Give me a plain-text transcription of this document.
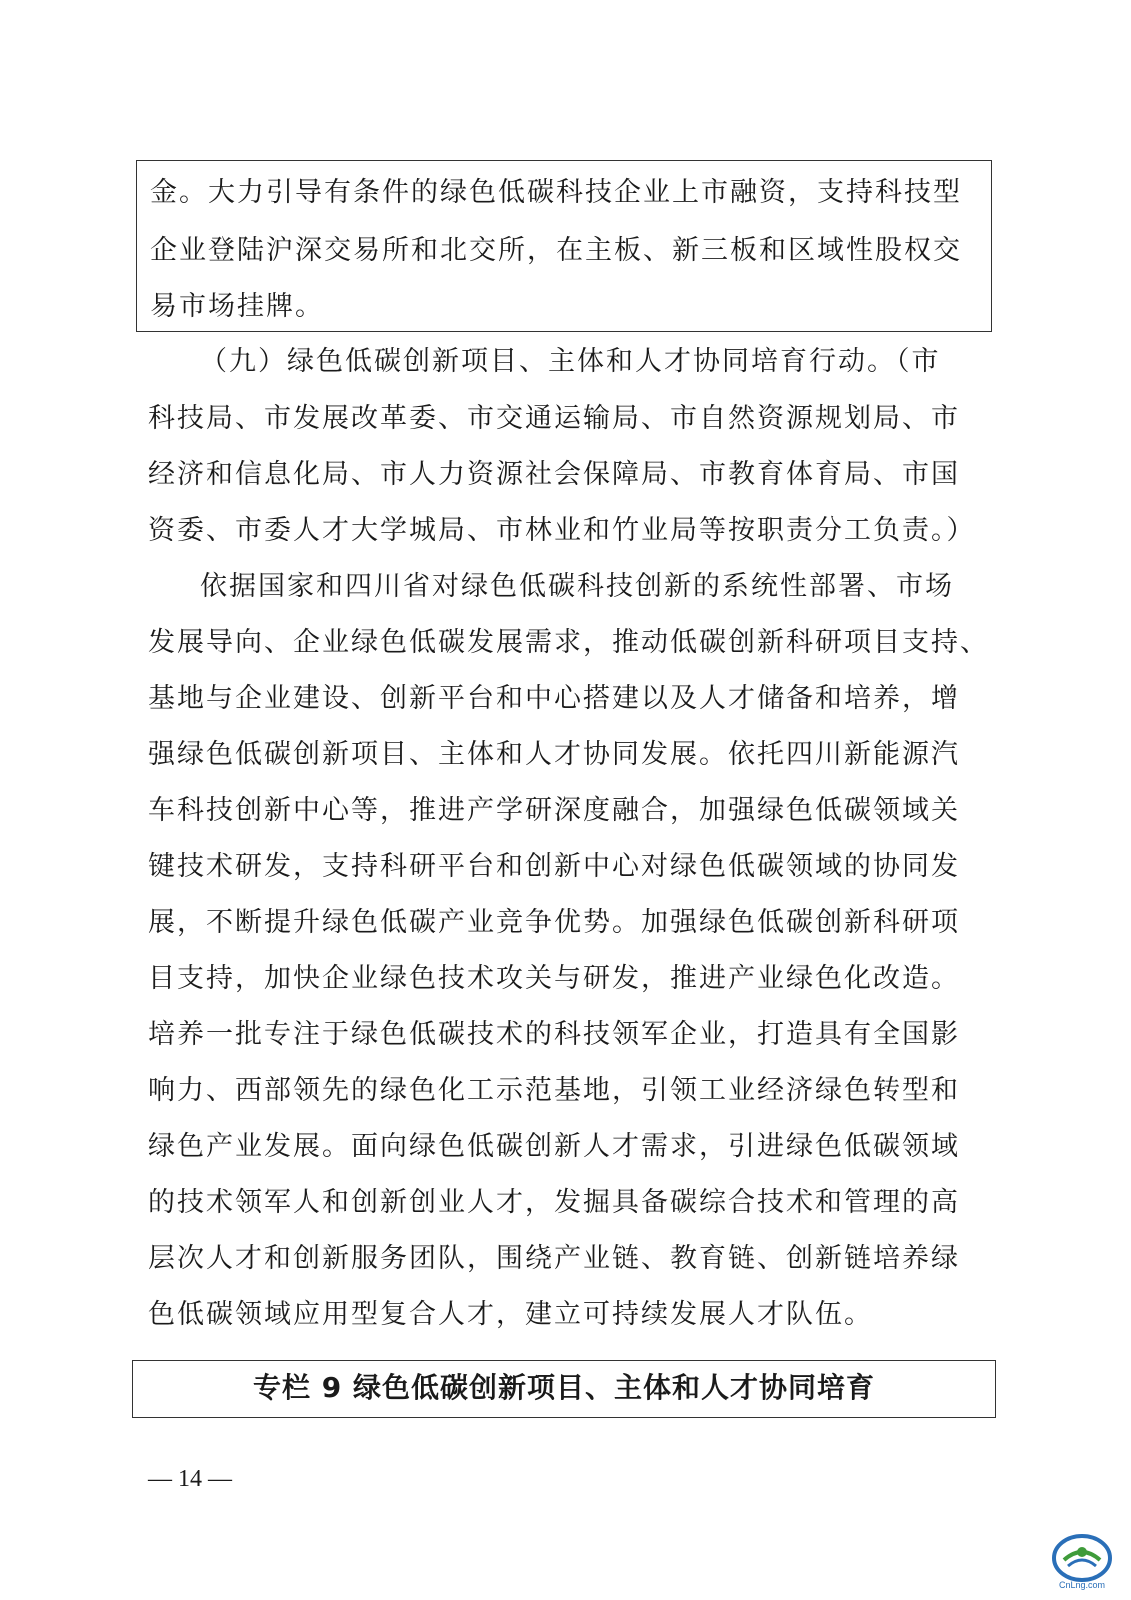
金。大力引导有条件的绿色低碳科技企业上市融资，支持科技型
企业登陆沪深交易所和北交所，在主板、新三板和区域性股权交
易市场挂牌。
（九）绿色低碳创新项目、主体和人才协同培育行动。（市
科技局、市发展改革委、市交通运输局、市自然资源规划局、市
经济和信息化局、市人力资源社会保障局、市教育体育局、市国
资委、市委人才大学城局、市林业和竹业局等按职责分工负责。）
依据国家和四川省对绿色低碳科技创新的系统性部署、市场
发展导向、企业绿色低碳发展需求，推动低碳创新科研项目支持、
基地与企业建设、创新平台和中心搭建以及人才储备和培养，增
强绿色低碳创新项目、主体和人才协同发展。依托四川新能源汽
车科技创新中心等，推进产学研深度融合，加强绿色低碳领域关
键技术研发，支持科研平台和创新中心对绿色低碳领域的协同发
展，不断提升绿色低碳产业竞争优势。加强绿色低碳创新科研项
目支持，加快企业绿色技术攻关与研发，推进产业绿色化改造。
培养一批专注于绿色低碳技术的科技领军企业，打造具有全国影
响力、西部领先的绿色化工示范基地，引领工业经济绿色转型和
绿色产业发展。面向绿色低碳创新人才需求，引进绿色低碳领域
的技术领军人和创新创业人才，发掘具备碳综合技术和管理的高
层次人才和创新服务团队，围绕产业链、教育链、创新链培养绿
色低碳领域应用型复合人才，建立可持续发展人才队伍。
专栏 9 绿色低碳创新项目、主体和人才协同培育
— 14 —
CnLng.com
